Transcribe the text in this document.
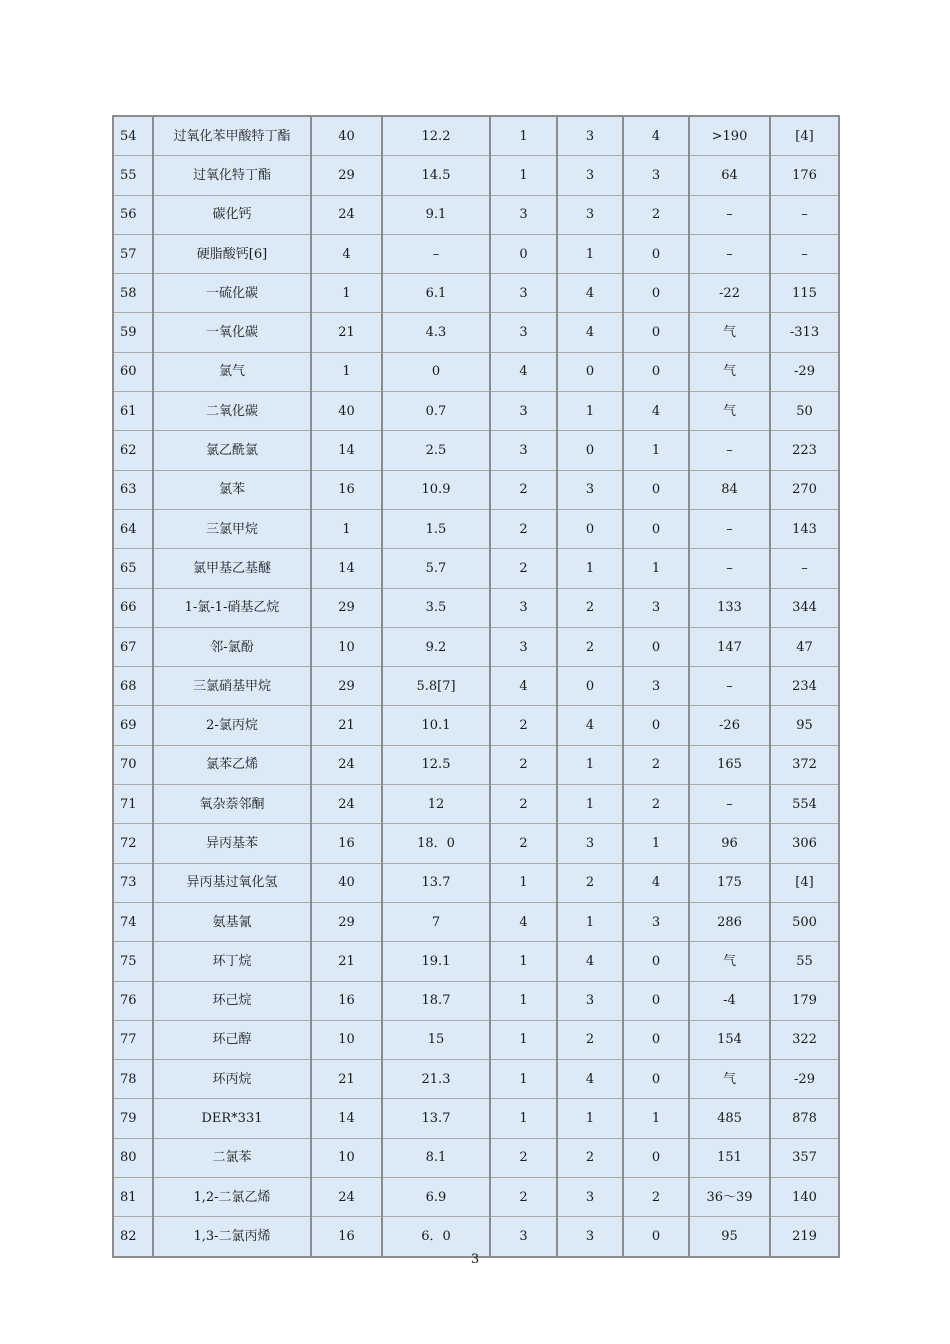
54	过氧化苯甲酸特丁酯	40	12.2	1	3	4	>190	[4]
55	过氧化特丁酯	29	14.5	1	3	3	64	176
56	碳化钙	24	9.1	3	3	2	–	–
57	硬脂酸钙[6]	4	–	0	1	0	–	–
58	一硫化碳	1	6.1	3	4	0	-22	115
59	一氧化碳	21	4.3	3	4	0	气	-313
60	氯气	1	0	4	0	0	气	-29
61	二氧化碳	40	0.7	3	1	4	气	50
62	氯乙酰氯	14	2.5	3	0	1	–	223
63	氯苯	16	10.9	2	3	0	84	270
64	三氯甲烷	1	1.5	2	0	0	–	143
65	氯甲基乙基醚	14	5.7	2	1	1	–	–
66	1-氯-1-硝基乙烷	29	3.5	3	2	3	133	344
67	邻-氯酚	10	9.2	3	2	0	147	47
68	三氯硝基甲烷	29	5.8[7]	4	0	3	–	234
69	2-氯丙烷	21	10.1	2	4	0	-26	95
70	氯苯乙烯	24	12.5	2	1	2	165	372
71	氧杂萘邻酮	24	12	2	1	2	–	554
72	异丙基苯	16	18．0	2	3	1	96	306
73	异丙基过氧化氢	40	13.7	1	2	4	175	[4]
74	氨基氰	29	7	4	1	3	286	500
75	环丁烷	21	19.1	1	4	0	气	55
76	环己烷	16	18.7	1	3	0	-4	179
77	环己醇	10	15	1	2	0	154	322
78	环丙烷	21	21.3	1	4	0	气	-29
79	DER*331	14	13.7	1	1	1	485	878
80	二氯苯	10	8.1	2	2	0	151	357
81	1,2-二氯乙烯	24	6.9	2	3	2	36～39	140
82	1,3-二氯丙烯	16	6．0	3	3	0	95	219
3
